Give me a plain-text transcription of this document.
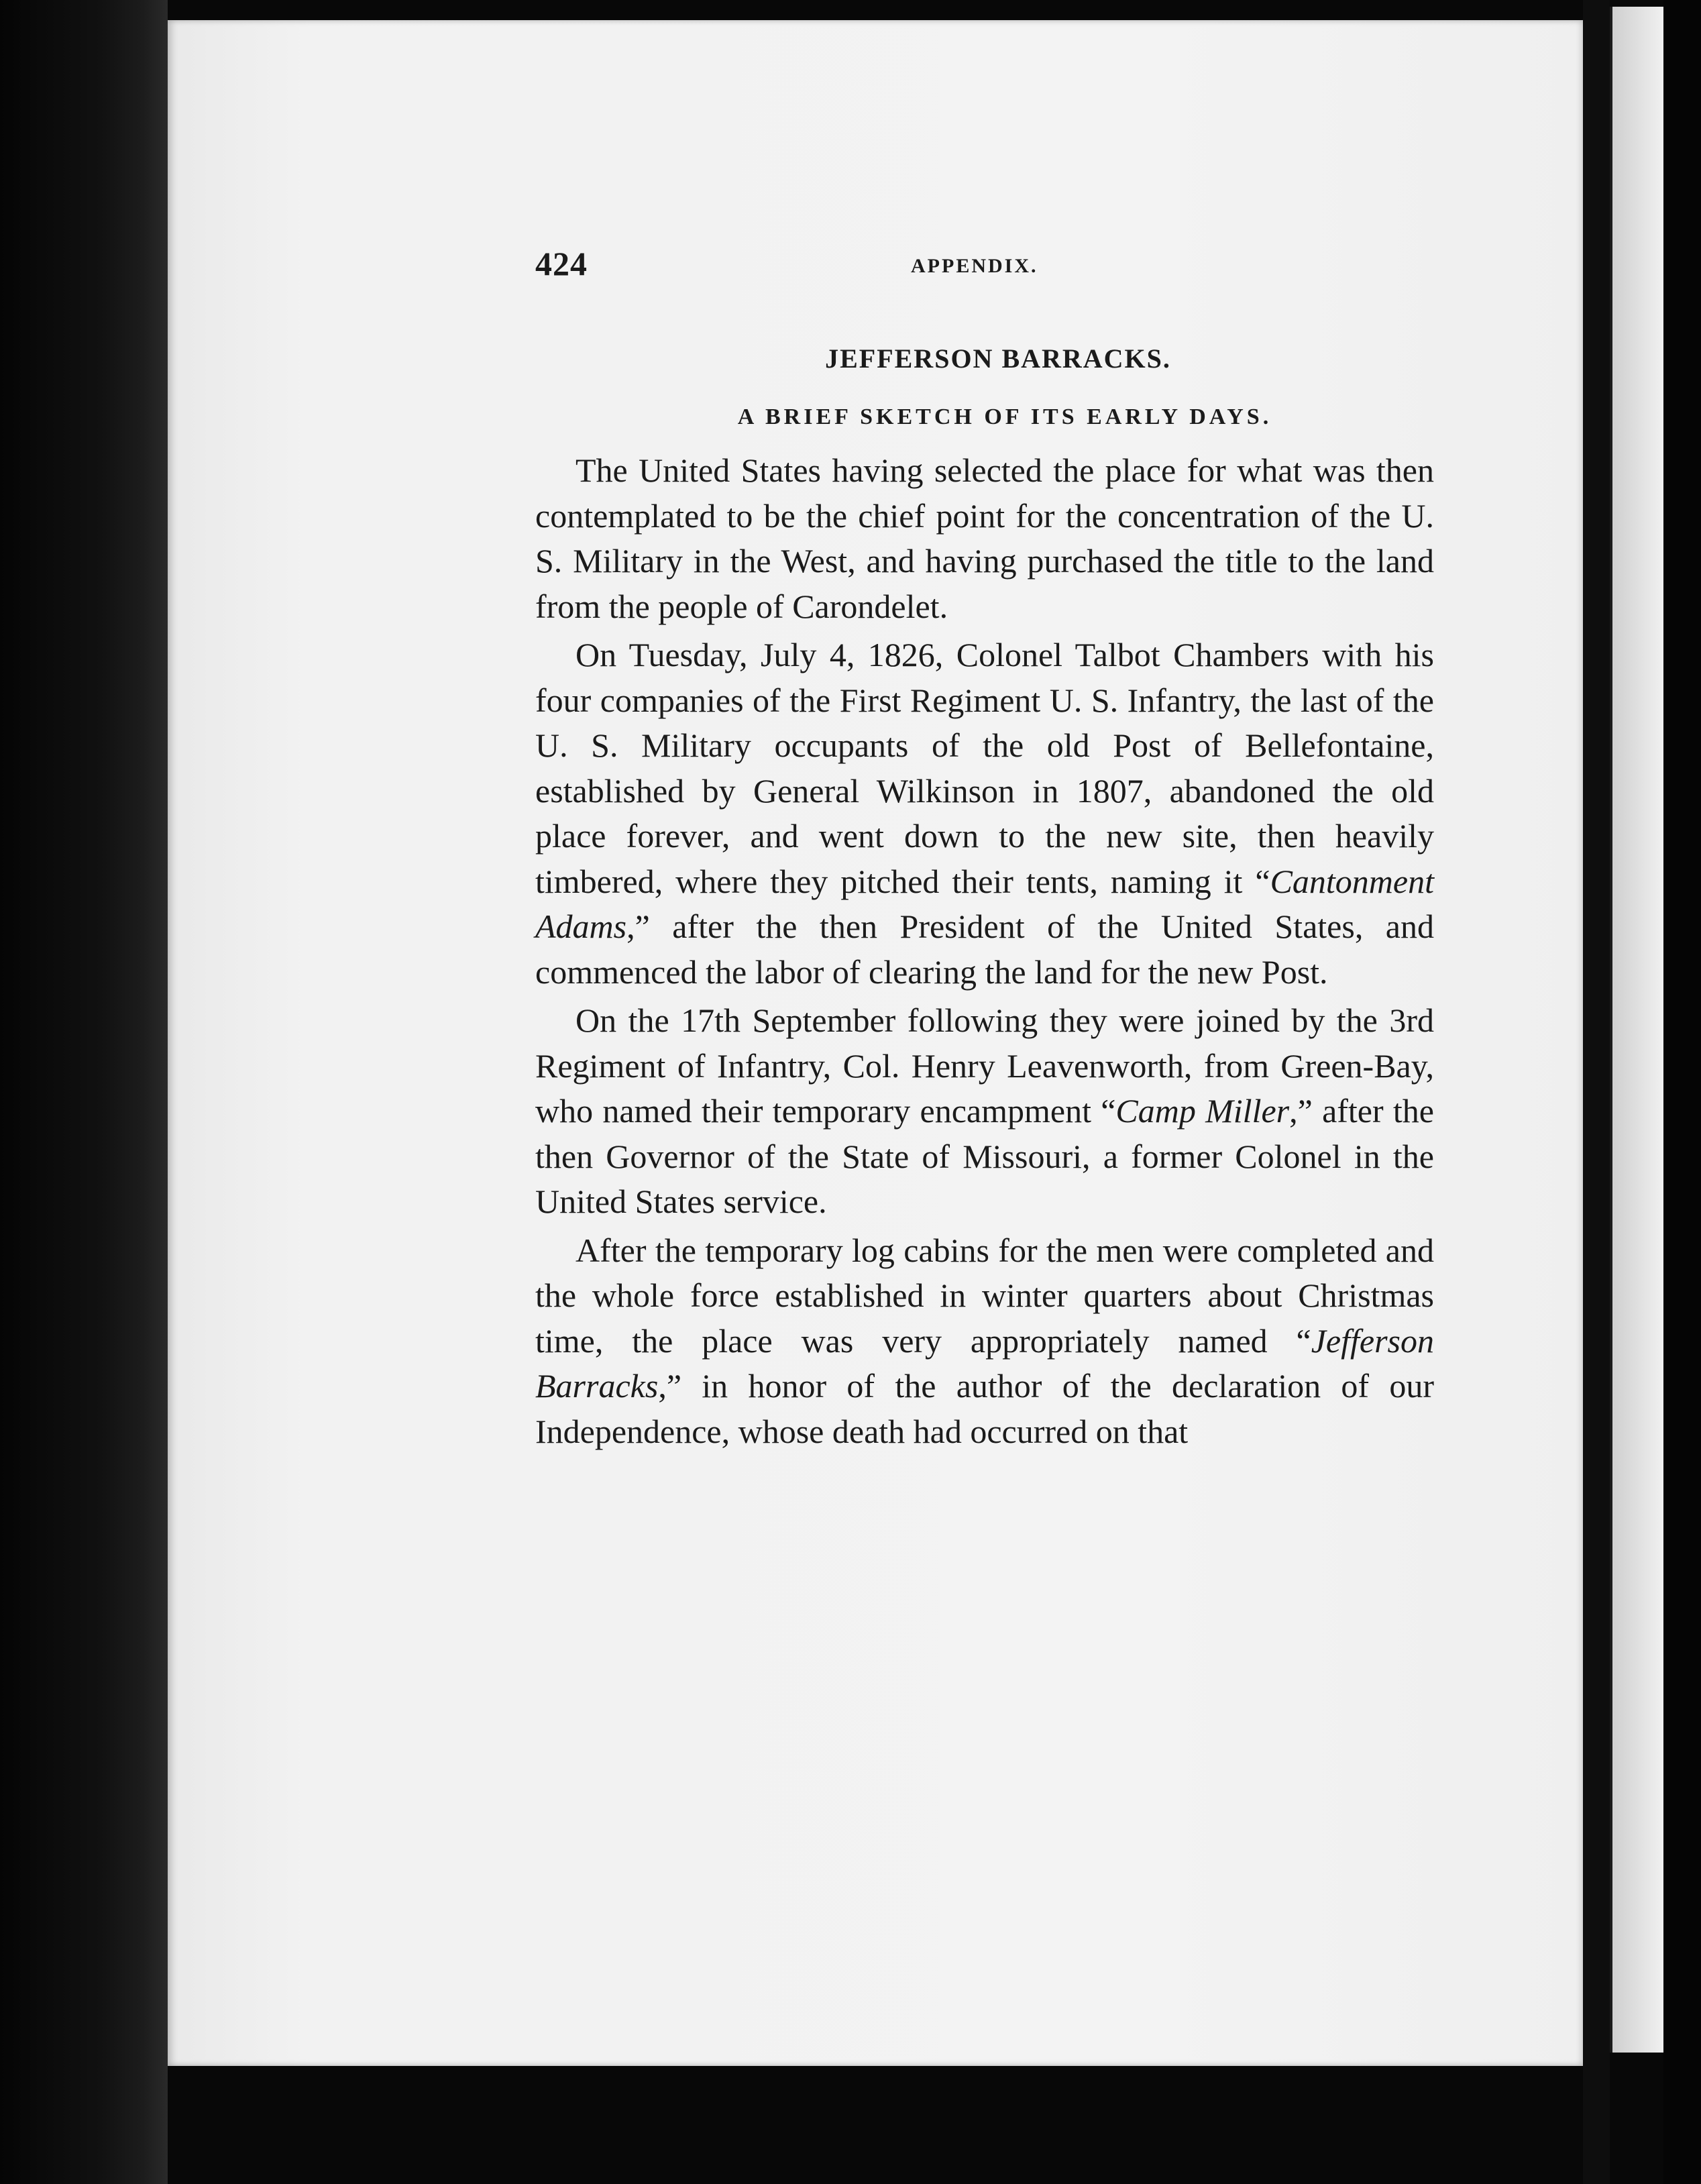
424	APPENDIX.
JEFFERSON BARRACKS.
A BRIEF SKETCH OF ITS EARLY DAYS.

The United States having selected the place for what was then contemplated to be the chief point for the concentration of the U. S. Military in the West, and having purchased the title to the land from the people of Carondelet.

On Tuesday, July 4, 1826, Colonel Talbot Chambers with his four companies of the First Regiment U. S. Infantry, the last of the U. S. Military occupants of the old Post of Bellefontaine, established by General Wilkinson in 1807, abandoned the old place forever, and went down to the new site, then heavily timbered, where they pitched their tents, naming it “Cantonment Adams,” after the then President of the United States, and commenced the labor of clearing the land for the new Post.

On the 17th September following they were joined by the 3rd Regiment of Infantry, Col. Henry Leavenworth, from Green-Bay, who named their temporary encampment “Camp Miller,” after the then Governor of the State of Missouri, a former Colonel in the United States service.

After the temporary log cabins for the men were completed and the whole force established in winter quarters about Christmas time, the place was very appropriately named “Jefferson Barracks,” in honor of the author of the declaration of our Independence, whose death had occurred on that
